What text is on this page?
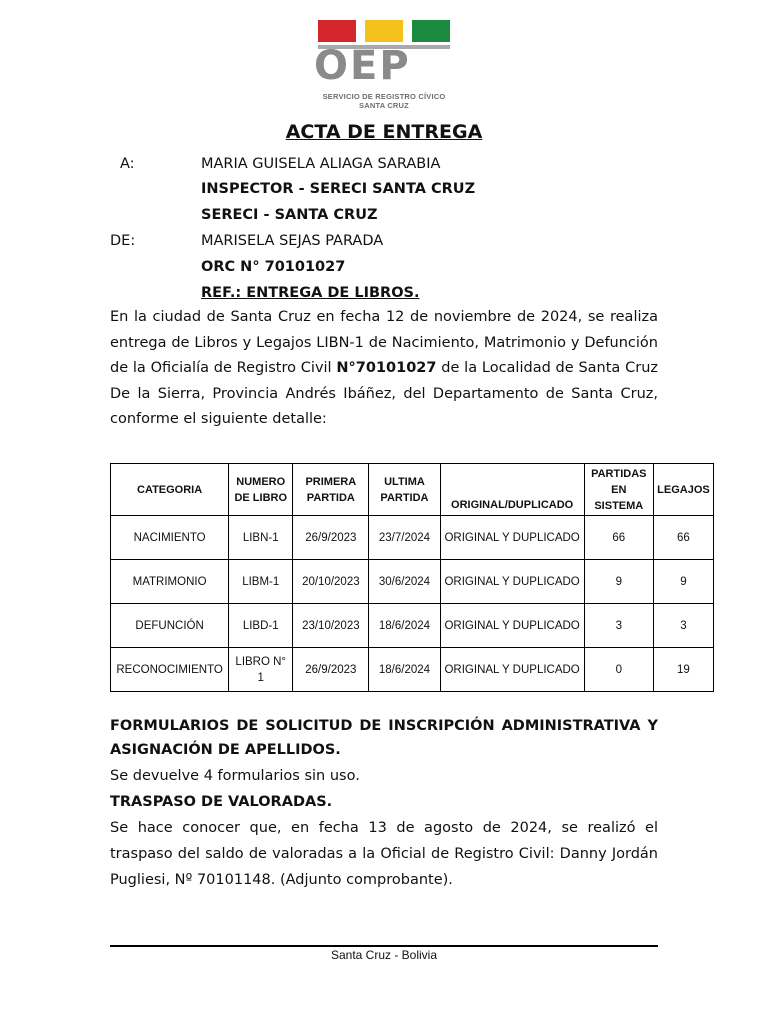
OEP
SERVICIO DE REGISTRO CÍVICO
SANTA CRUZ
ACTA DE ENTREGA
A:	MARIA GUISELA ALIAGA SARABIA
INSPECTOR - SERECI SANTA CRUZ
SERECI - SANTA CRUZ
DE:	MARISELA SEJAS PARADA
ORC N° 70101027
REF.: ENTREGA DE LIBROS.
En la ciudad de Santa Cruz en fecha 12 de noviembre de 2024, se realiza entrega de Libros y Legajos LIBN-1 de Nacimiento, Matrimonio y Defunción de la Oficialía de Registro Civil N°70101027 de la Localidad de Santa Cruz De la Sierra, Provincia Andrés Ibáñez, del Departamento de Santa Cruz, conforme el siguiente detalle:
CATEGORIA	NUMERO DE LIBRO	PRIMERA PARTIDA	ULTIMA PARTIDA	ORIGINAL/DUPLICADO	PARTIDAS EN SISTEMA	LEGAJOS
NACIMIENTO	LIBN-1	26/9/2023	23/7/2024	ORIGINAL Y DUPLICADO	66	66
MATRIMONIO	LIBM-1	20/10/2023	30/6/2024	ORIGINAL Y DUPLICADO	9	9
DEFUNCIÓN	LIBD-1	23/10/2023	18/6/2024	ORIGINAL Y DUPLICADO	3	3
RECONOCIMIENTO	LIBRO N° 1	26/9/2023	18/6/2024	ORIGINAL Y DUPLICADO	0	19
FORMULARIOS DE SOLICITUD DE INSCRIPCIÓN ADMINISTRATIVA Y ASIGNACIÓN DE APELLIDOS.
Se devuelve 4 formularios sin uso.
TRASPASO DE VALORADAS.
Se hace conocer que, en fecha 13 de agosto de 2024, se realizó el traspaso del saldo de valoradas a la Oficial de Registro Civil: Danny Jordán Pugliesi, Nº 70101148. (Adjunto comprobante).
Santa Cruz - Bolivia
